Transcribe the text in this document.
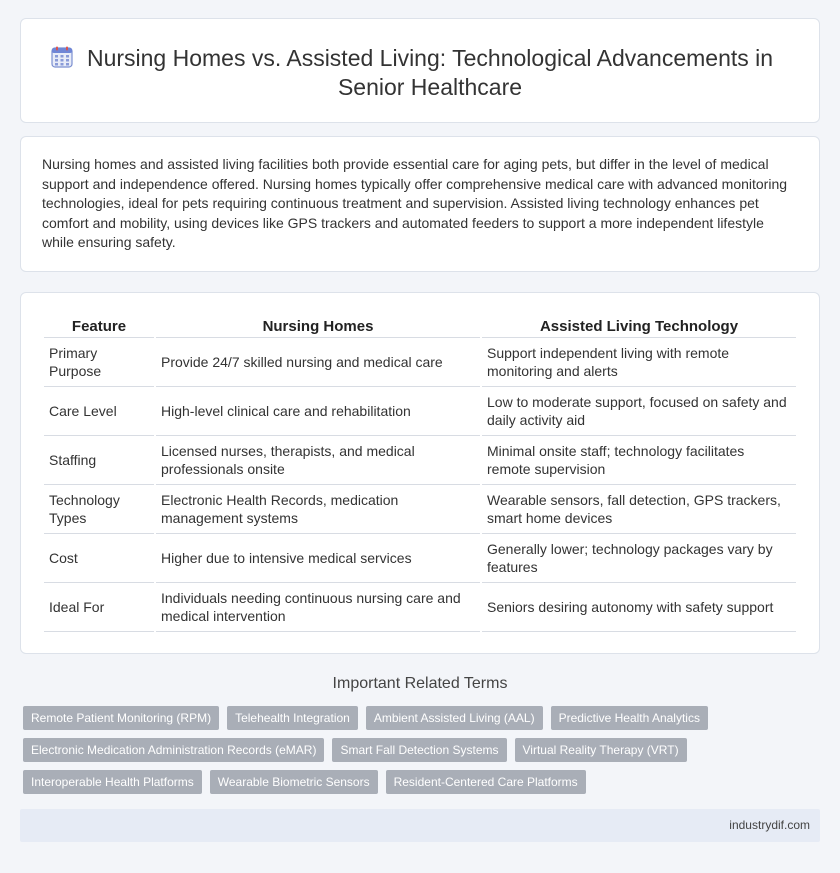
Nursing Homes vs. Assisted Living: Technological Advancements in Senior Healthcare

Nursing homes and assisted living facilities both provide essential care for aging pets, but differ in the level of medical support and independence offered. Nursing homes typically offer comprehensive medical care with advanced monitoring technologies, ideal for pets requiring continuous treatment and supervision. Assisted living technology enhances pet comfort and mobility, using devices like GPS trackers and automated feeders to support a more independent lifestyle while ensuring safety.

Feature	Nursing Homes	Assisted Living Technology
Primary Purpose	Provide 24/7 skilled nursing and medical care	Support independent living with remote monitoring and alerts
Care Level	High-level clinical care and rehabilitation	Low to moderate support, focused on safety and daily activity aid
Staffing	Licensed nurses, therapists, and medical professionals onsite	Minimal onsite staff; technology facilitates remote supervision
Technology Types	Electronic Health Records, medication management systems	Wearable sensors, fall detection, GPS trackers, smart home devices
Cost	Higher due to intensive medical services	Generally lower; technology packages vary by features
Ideal For	Individuals needing continuous nursing care and medical intervention	Seniors desiring autonomy with safety support
Important Related Terms
Remote Patient Monitoring (RPM)	Telehealth Integration	Ambient Assisted Living (AAL)	Predictive Health Analytics
Electronic Medication Administration Records (eMAR)	Smart Fall Detection Systems	Virtual Reality Therapy (VRT)
Interoperable Health Platforms	Wearable Biometric Sensors	Resident-Centered Care Platforms
industrydif.com
